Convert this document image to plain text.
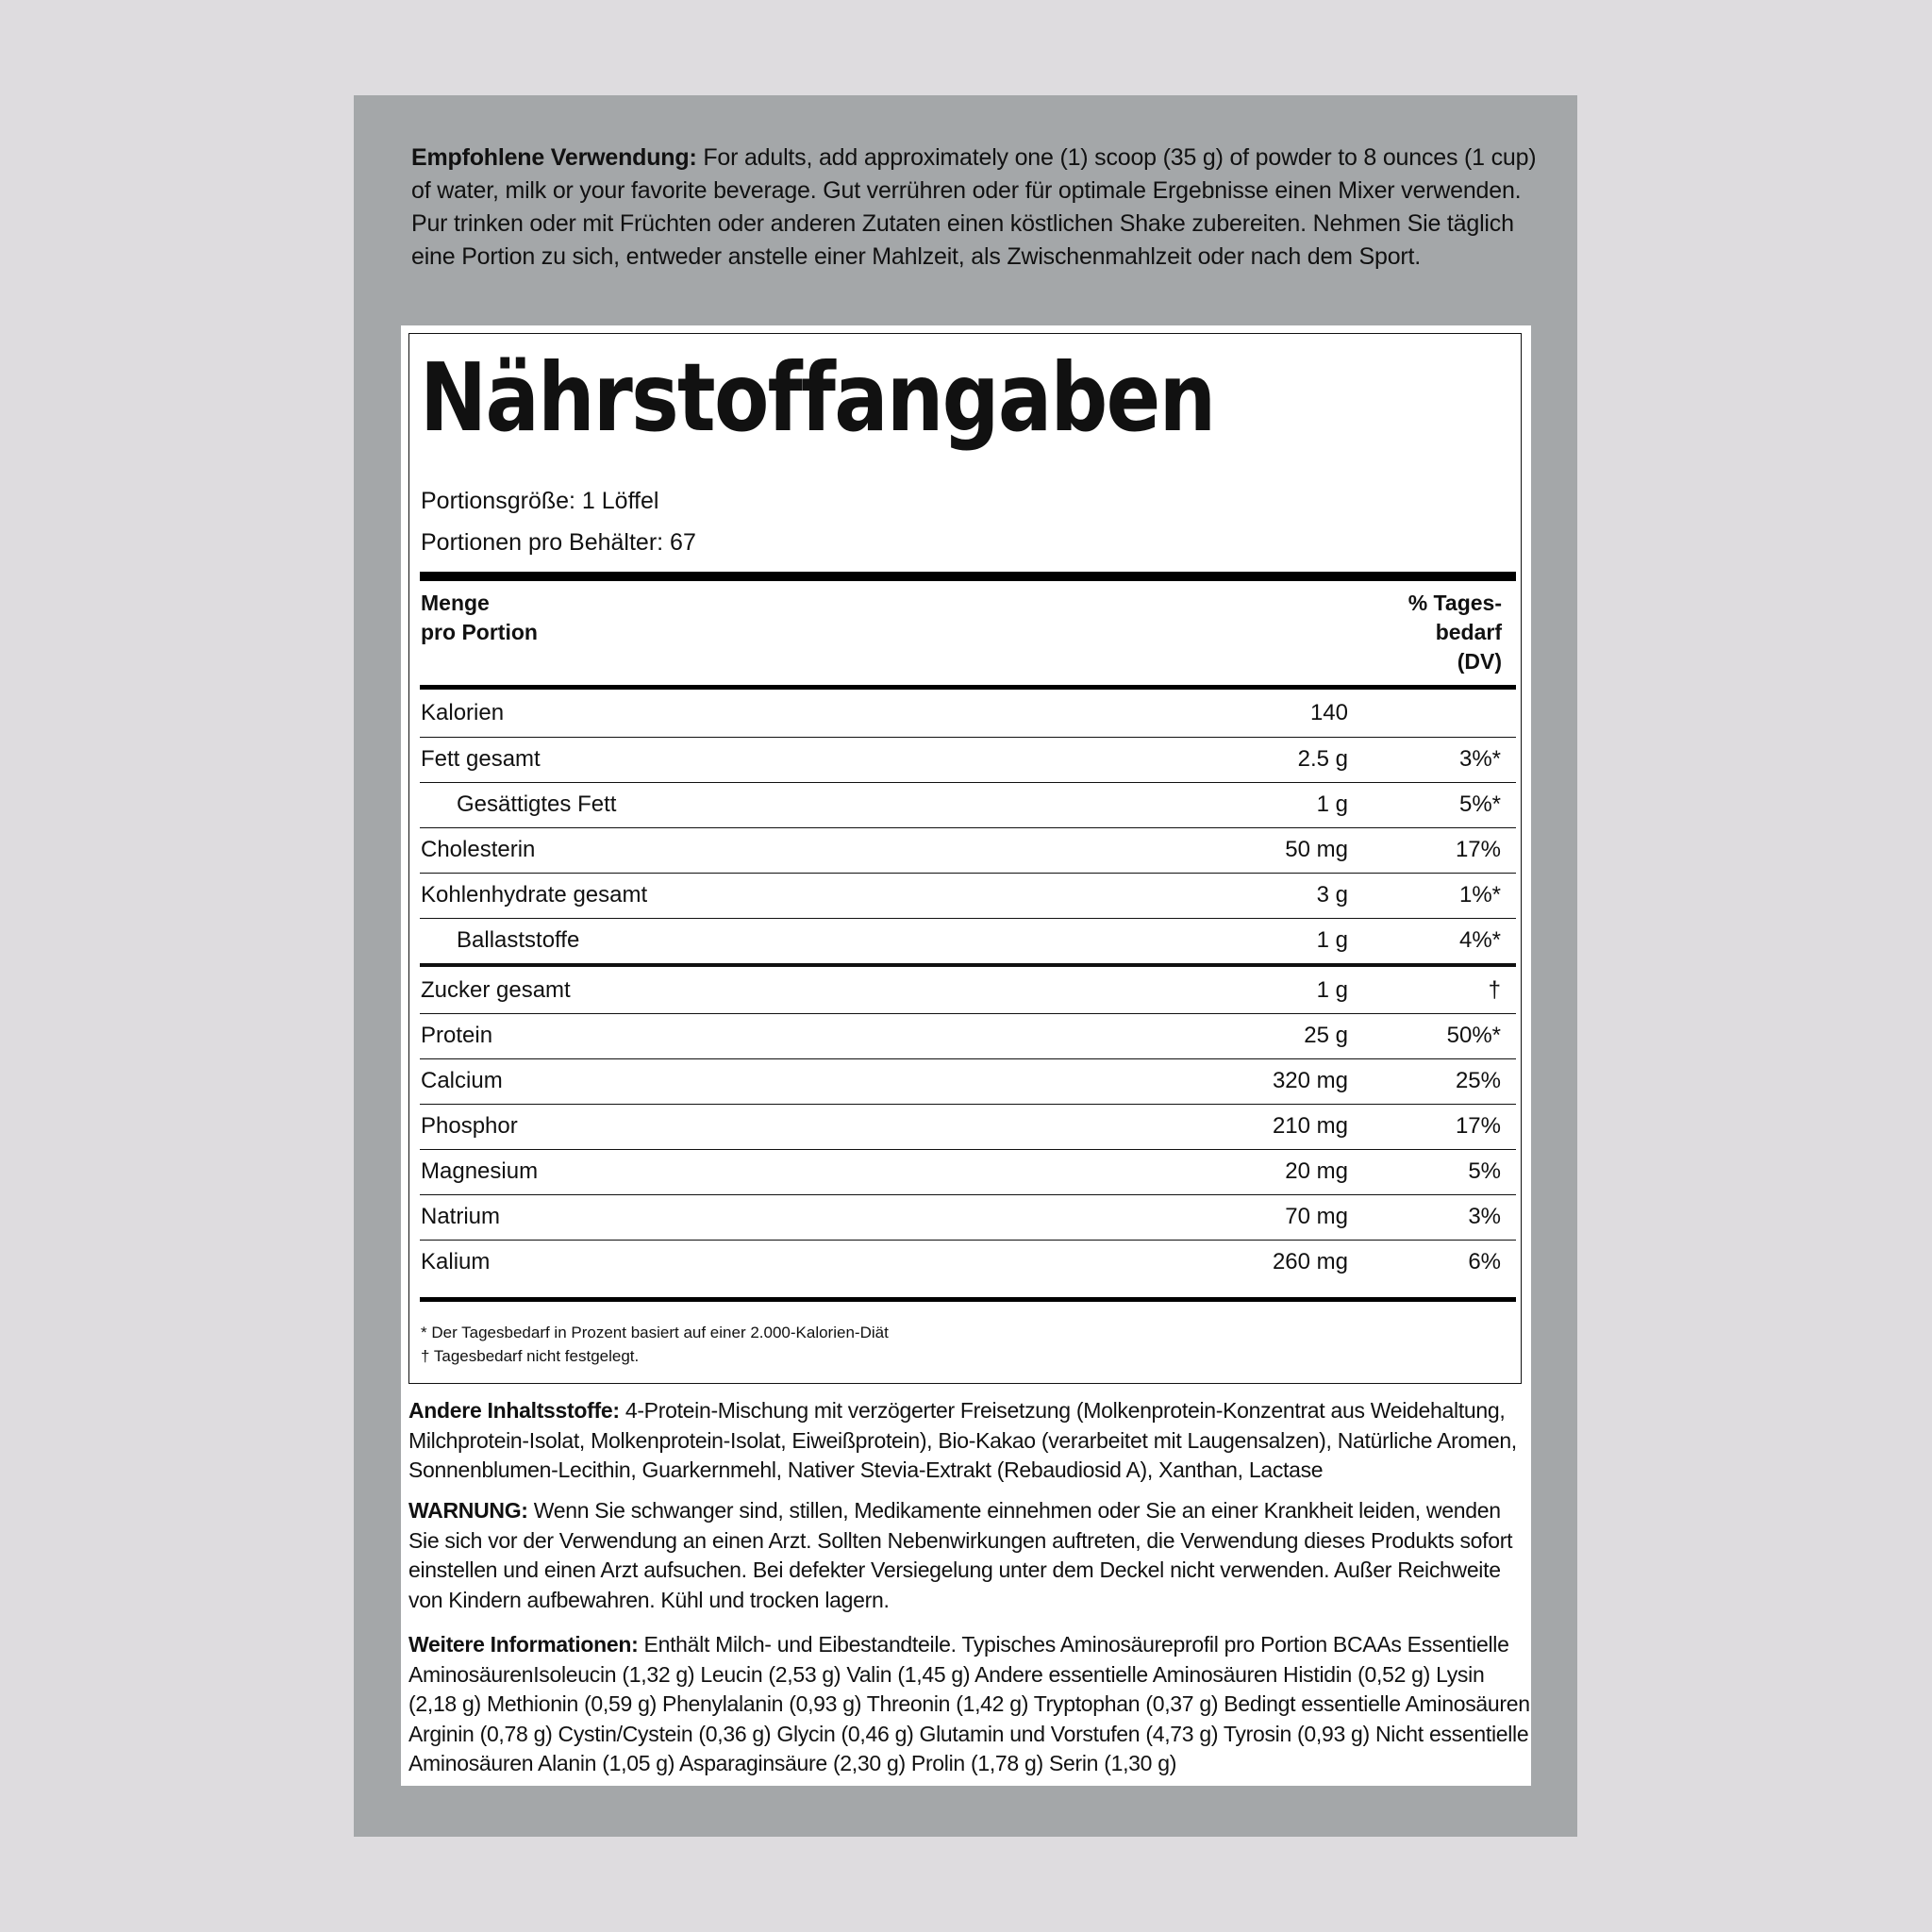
Empfohlene Verwendung: For adults, add approximately one (1) scoop (35 g) of powder to 8 ounces (1 cup) of water, milk or your favorite beverage. Gut verrühren oder für optimale Ergebnisse einen Mixer verwenden. Pur trinken oder mit Früchten oder anderen Zutaten einen köstlichen Shake zubereiten. Nehmen Sie täglich eine Portion zu sich, entweder anstelle einer Mahlzeit, als Zwischenmahlzeit oder nach dem Sport.
Nährstoffangaben
Portionsgröße: 1 Löffel
Portionen pro Behälter: 67
Menge
pro Portion
% Tages-
bedarf
(DV)
Kalorien	140
Fett gesamt	2.5 g	3%*
Gesättigtes Fett	1 g	5%*
Cholesterin	50 mg	17%
Kohlenhydrate gesamt	3 g	1%*
Ballaststoffe	1 g	4%*
Zucker gesamt	1 g	†
Protein	25 g	50%*
Calcium	320 mg	25%
Phosphor	210 mg	17%
Magnesium	20 mg	5%
Natrium	70 mg	3%
Kalium	260 mg	6%
* Der Tagesbedarf in Prozent basiert auf einer 2.000-Kalorien-Diät
† Tagesbedarf nicht festgelegt.
Andere Inhaltsstoffe: 4-Protein-Mischung mit verzögerter Freisetzung (Molkenprotein-Konzentrat aus Weidehaltung, Milchprotein-Isolat, Molkenprotein-Isolat, Eiweißprotein), Bio-Kakao (verarbeitet mit Laugensalzen), Natürliche Aromen, Sonnenblumen-Lecithin, Guarkernmehl, Nativer Stevia-Extrakt (Rebaudiosid A), Xanthan, Lactase
WARNUNG: Wenn Sie schwanger sind, stillen, Medikamente einnehmen oder Sie an einer Krankheit leiden, wenden Sie sich vor der Verwendung an einen Arzt. Sollten Nebenwirkungen auftreten, die Verwendung dieses Produkts sofort einstellen und einen Arzt aufsuchen. Bei defekter Versiegelung unter dem Deckel nicht verwenden. Außer Reichweite von Kindern aufbewahren. Kühl und trocken lagern.
Weitere Informationen: Enthält Milch- und Eibestandteile. Typisches Aminosäureprofil pro Portion BCAAs Essentielle AminosäurenIsoleucin (1,32 g) Leucin (2,53 g) Valin (1,45 g) Andere essentielle Aminosäuren Histidin (0,52 g) Lysin (2,18 g) Methionin (0,59 g) Phenylalanin (0,93 g) Threonin (1,42 g) Tryptophan (0,37 g) Bedingt essentielle Aminosäuren Arginin (0,78 g) Cystin/Cystein (0,36 g) Glycin (0,46 g) Glutamin und Vorstufen (4,73 g) Tyrosin (0,93 g) Nicht essentielle Aminosäuren Alanin (1,05 g) Asparaginsäure (2,30 g) Prolin (1,78 g) Serin (1,30 g)
